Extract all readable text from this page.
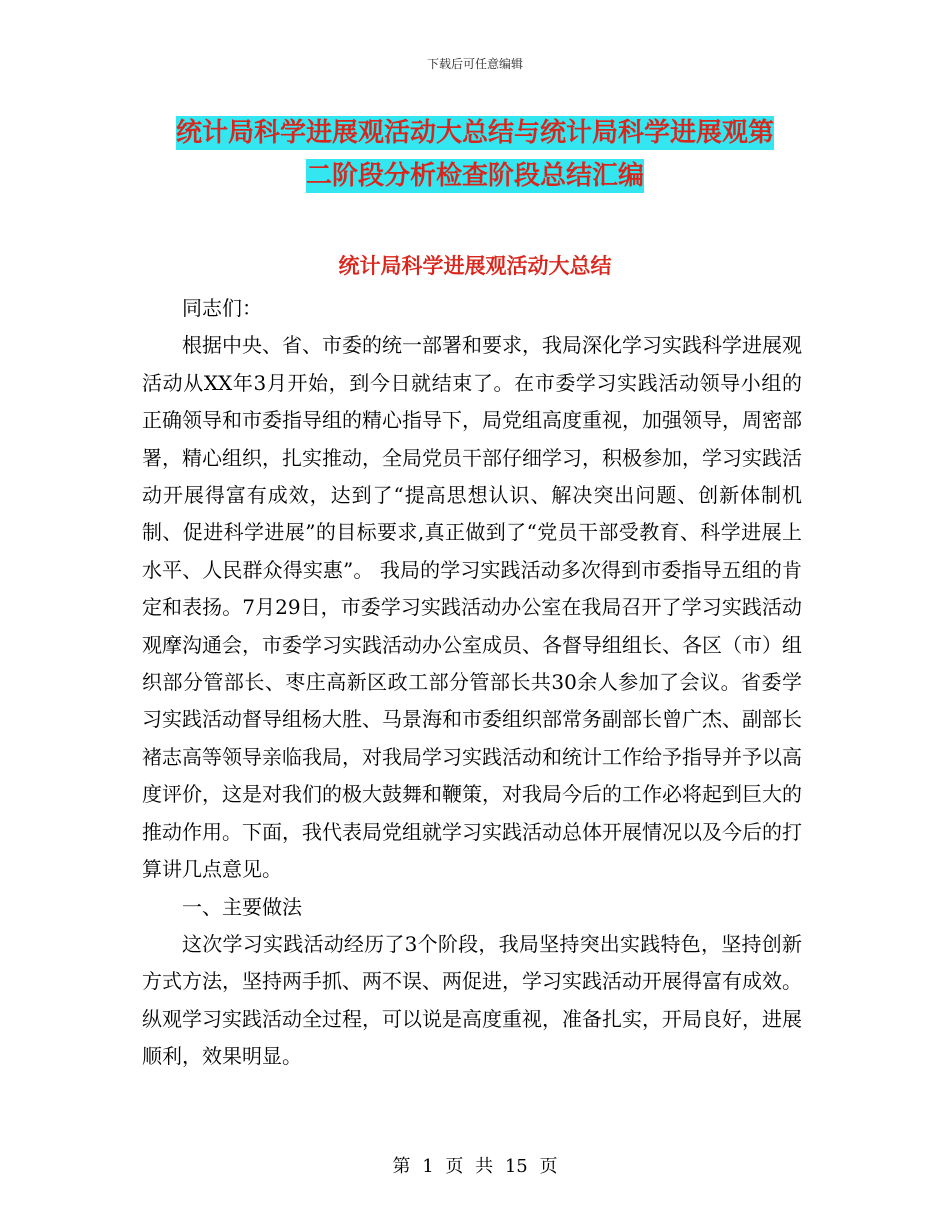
下载后可任意编辑
统计局科学进展观活动大总结与统计局科学进展观第
二阶段分析检查阶段总结汇编
统计局科学进展观活动大总结

同志们：

根据中央、省、市委的统一部署和要求，我局深化学习实践科学进展观活动从XX年3月开始，到今日就结束了。在市委学习实践活动领导小组的正确领导和市委指导组的精心指导下，局党组高度重视，加强领导，周密部署，精心组织，扎实推动，全局党员干部仔细学习，积极参加，学习实践活动开展得富有成效，达到了“提高思想认识、解决突出问题、创新体制机制、促进科学进展”的目标要求,真正做到了“党员干部受教育、科学进展上水平、人民群众得实惠”。 我局的学习实践活动多次得到市委指导五组的肯定和表扬。7月29日，市委学习实践活动办公室在我局召开了学习实践活动观摩沟通会，市委学习实践活动办公室成员、各督导组组长、各区（市）组织部分管部长、枣庄高新区政工部分管部长共30余人参加了会议。省委学习实践活动督导组杨大胜、马景海和市委组织部常务副部长曾广杰、副部长褚志高等领导亲临我局，对我局学习实践活动和统计工作给予指导并予以高度评价，这是对我们的极大鼓舞和鞭策，对我局今后的工作必将起到巨大的推动作用。下面，我代表局党组就学习实践活动总体开展情况以及今后的打算讲几点意见。

一、主要做法

这次学习实践活动经历了3个阶段，我局坚持突出实践特色，坚持创新方式方法，坚持两手抓、两不误、两促进，学习实践活动开展得富有成效。纵观学习实践活动全过程，可以说是高度重视，准备扎实，开局良好，进展顺利，效果明显。

第 1 页 共 15 页
